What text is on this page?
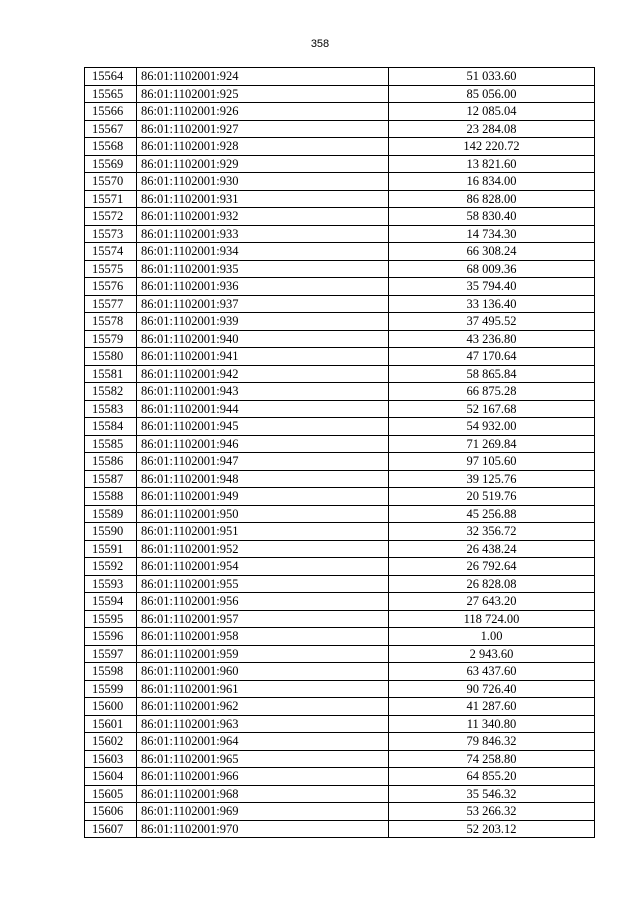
358
15564	86:01:1102001:924	51 033.60
15565	86:01:1102001:925	85 056.00
15566	86:01:1102001:926	12 085.04
15567	86:01:1102001:927	23 284.08
15568	86:01:1102001:928	142 220.72
15569	86:01:1102001:929	13 821.60
15570	86:01:1102001:930	16 834.00
15571	86:01:1102001:931	86 828.00
15572	86:01:1102001:932	58 830.40
15573	86:01:1102001:933	14 734.30
15574	86:01:1102001:934	66 308.24
15575	86:01:1102001:935	68 009.36
15576	86:01:1102001:936	35 794.40
15577	86:01:1102001:937	33 136.40
15578	86:01:1102001:939	37 495.52
15579	86:01:1102001:940	43 236.80
15580	86:01:1102001:941	47 170.64
15581	86:01:1102001:942	58 865.84
15582	86:01:1102001:943	66 875.28
15583	86:01:1102001:944	52 167.68
15584	86:01:1102001:945	54 932.00
15585	86:01:1102001:946	71 269.84
15586	86:01:1102001:947	97 105.60
15587	86:01:1102001:948	39 125.76
15588	86:01:1102001:949	20 519.76
15589	86:01:1102001:950	45 256.88
15590	86:01:1102001:951	32 356.72
15591	86:01:1102001:952	26 438.24
15592	86:01:1102001:954	26 792.64
15593	86:01:1102001:955	26 828.08
15594	86:01:1102001:956	27 643.20
15595	86:01:1102001:957	118 724.00
15596	86:01:1102001:958	1.00
15597	86:01:1102001:959	2 943.60
15598	86:01:1102001:960	63 437.60
15599	86:01:1102001:961	90 726.40
15600	86:01:1102001:962	41 287.60
15601	86:01:1102001:963	11 340.80
15602	86:01:1102001:964	79 846.32
15603	86:01:1102001:965	74 258.80
15604	86:01:1102001:966	64 855.20
15605	86:01:1102001:968	35 546.32
15606	86:01:1102001:969	53 266.32
15607	86:01:1102001:970	52 203.12
